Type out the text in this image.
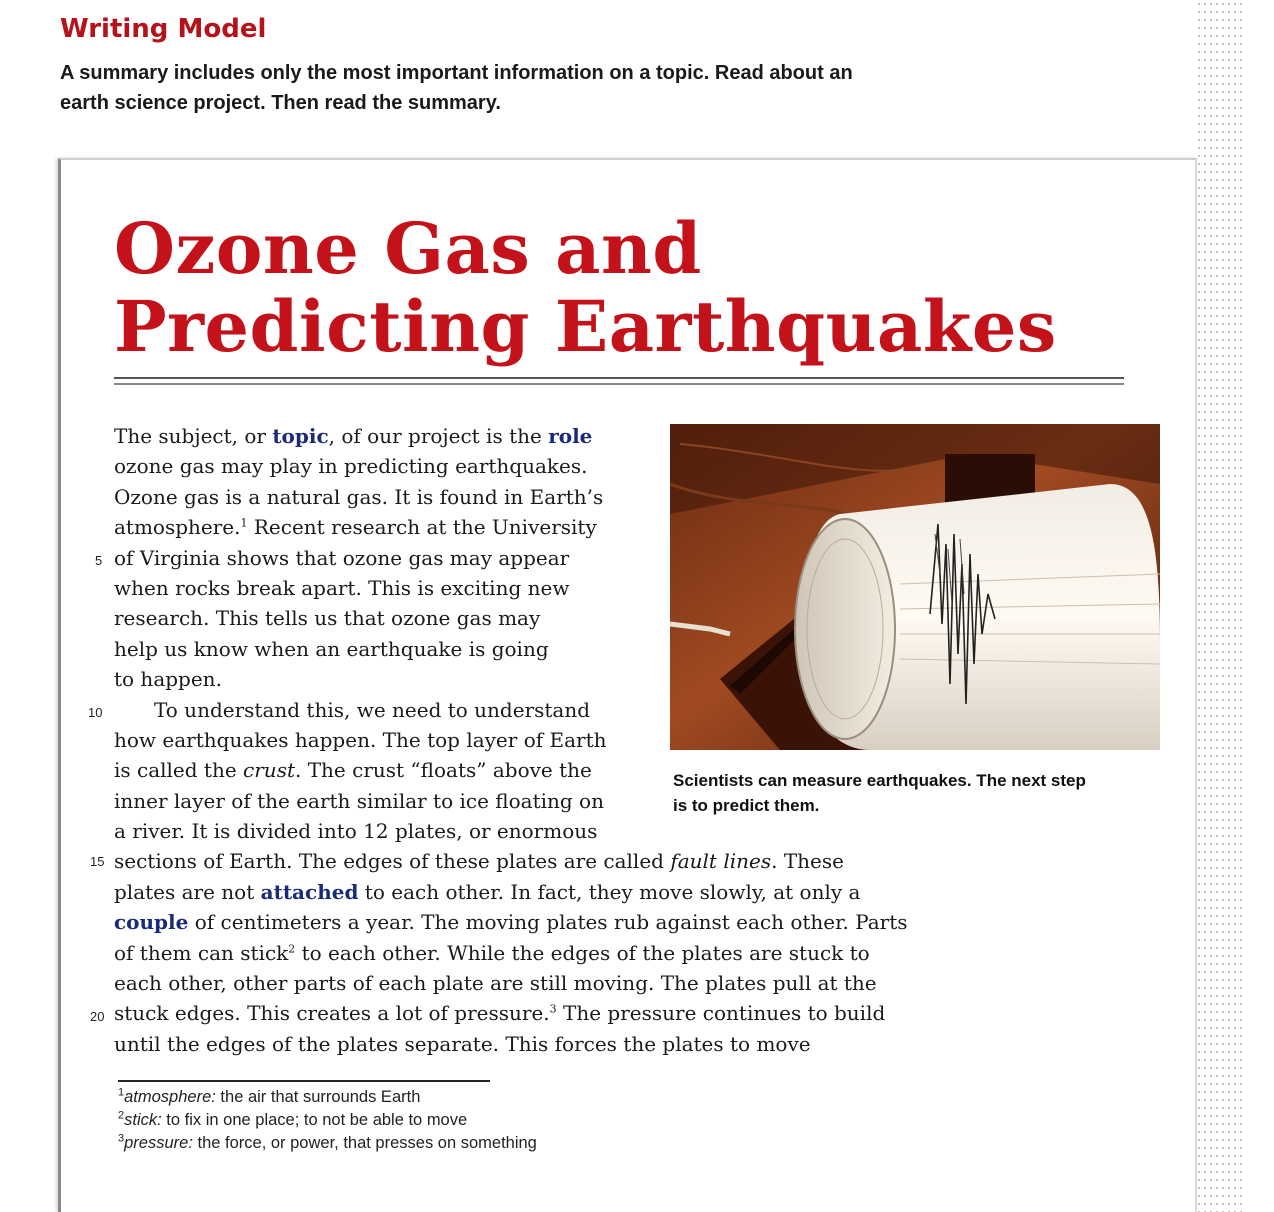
Writing Model

A summary includes only the most important information on a topic. Read about an
earth science project. Then read the summary.

Ozone Gas and
Predicting Earthquakes
The subject, or topic, of our project is the role
ozone gas may play in predicting earthquakes.
Ozone gas is a natural gas. It is found in Earth’s
atmosphere.$^1$ Recent research at the University
of Virginia shows that ozone gas may appear
when rocks break apart. This is exciting new
research. This tells us that ozone gas may
help us know when an earthquake is going
to happen.
To understand this, we need to understand
how earthquakes happen. The top layer of Earth
is called the crust. The crust “floats” above the
inner layer of the earth similar to ice floating on
a river. It is divided into 12 plates, or enormous
sections of Earth. The edges of these plates are called fault lines. These
plates are not attached to each other. In fact, they move slowly, at only a
couple of centimeters a year. The moving plates rub against each other. Parts
of them can stick$^2$ to each other. While the edges of the plates are stuck to
each other, other parts of each plate are still moving. The plates pull at the
stuck edges. This creates a lot of pressure.$^3$ The pressure continues to build
until the edges of the plates separate. This forces the plates to move
5
10
15
20

Scientists can measure earthquakes. The next step
is to predict them.

$^1$atmosphere: the air that surrounds Earth
$^2$stick: to fix in one place; to not be able to move
$^3$pressure: the force, or power, that presses on something
